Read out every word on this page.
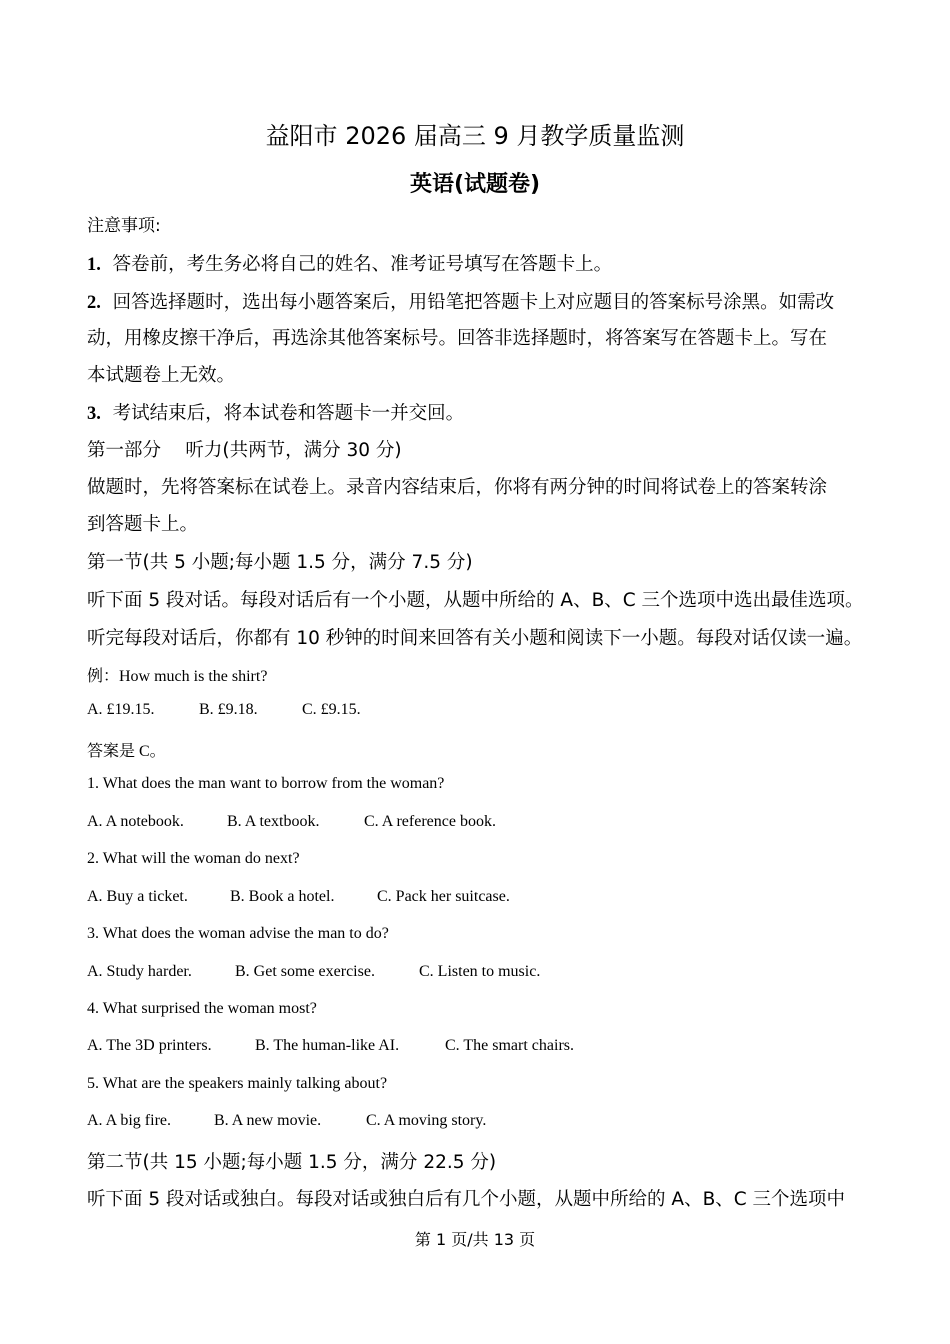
益阳市 2026 届高三 9 月教学质量监测
英语(试题卷)
注意事项:
1. 答卷前，考生务必将自己的姓名、准考证号填写在答题卡上。
2. 回答选择题时，选出每小题答案后，用铅笔把答题卡上对应题目的答案标号涂黑。如需改
动，用橡皮擦干净后，再选涂其他答案标号。回答非选择题时，将答案写在答题卡上。写在
本试题卷上无效。
3. 考试结束后，将本试卷和答题卡一并交回。
第一部分　 听力(共两节，满分 30 分)
做题时，先将答案标在试卷上。录音内容结束后，你将有两分钟的时间将试卷上的答案转涂
到答题卡上。
第一节(共 5 小题;每小题 1.5 分，满分 7.5 分)
听下面 5 段对话。每段对话后有一个小题，从题中所给的 A、B、C 三个选项中选出最佳选项。
听完每段对话后，你都有 10 秒钟的时间来回答有关小题和阅读下一小题。每段对话仅读一遍。
例：How much is the shirt?
A. £19.15.	B. £9.18.	C. £9.15.
答案是 C。
1. What does the man want to borrow from the woman?
A. A notebook.	B. A textbook.	C. A reference book.
2. What will the woman do next?
A. Buy a ticket.	B. Book a hotel.	C. Pack her suitcase.
3. What does the woman advise the man to do?
A. Study harder.	B. Get some exercise.	C. Listen to music.
4. What surprised the woman most?
A. The 3D printers.	B. The human-like AI.	C. The smart chairs.
5. What are the speakers mainly talking about?
A. A big fire.	B. A new movie.	C. A moving story.
第二节(共 15 小题;每小题 1.5 分，满分 22.5 分)
听下面 5 段对话或独白。每段对话或独白后有几个小题，从题中所给的 A、B、C 三个选项中
第 1 页/共 13 页
